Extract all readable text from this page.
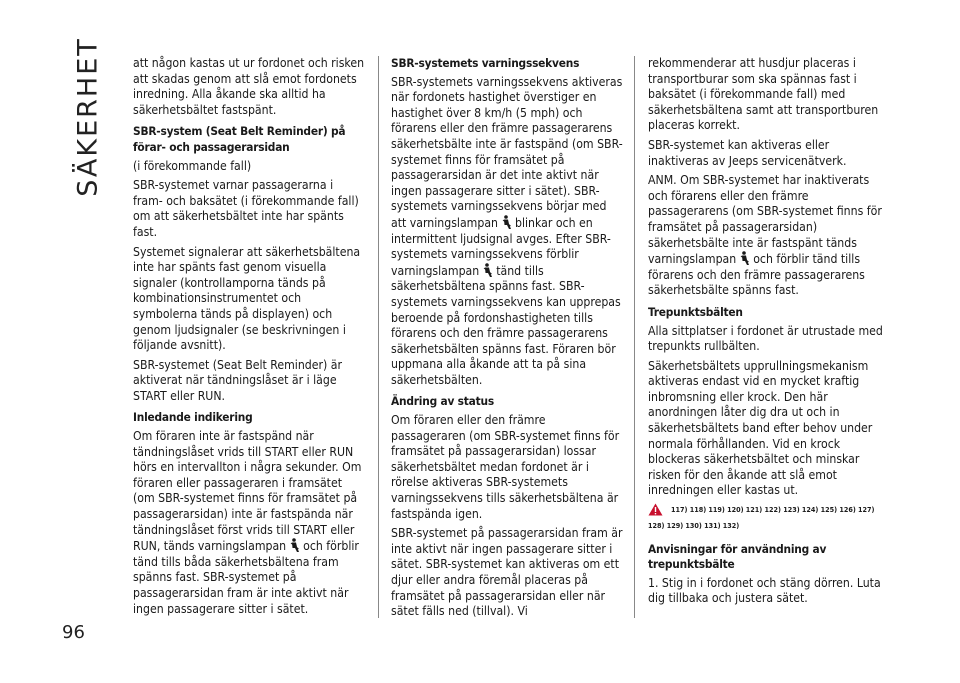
SÄKERHET
96

att någon kastas ut ur fordonet och risken att skadas genom att slå emot fordonets inredning. Alla åkande ska alltid ha säkerhetsbältet fastspänt.

SBR-system (Seat Belt Reminder) på förar- och passagerarsidan

(i förekommande fall)

SBR-systemet varnar passagerarna i fram- och baksätet (i förekommande fall) om att säkerhetsbältet inte har spänts fast.

Systemet signalerar att säkerhetsbältena inte har spänts fast genom visuella signaler (kontrollamporna tänds på kombinationsinstrumentet och symbolerna tänds på displayen) och genom ljudsignaler (se beskrivningen i följande avsnitt).

SBR-systemet (Seat Belt Reminder) är aktiverat när tändningslåset är i läge START eller RUN.

Inledande indikering

Om föraren inte är fastspänd när tändningslåset vrids till START eller RUN hörs en intervallton i några sekunder. Om föraren eller passageraren i framsätet (om SBR-systemet finns för framsätet på passagerarsidan) inte är fastspända när tändningslåset först vrids till START eller RUN, tänds varningslampan och förblir tänd tills båda säkerhetsbältena fram spänns fast. SBR-systemet på passagerarsidan fram är inte aktivt när ingen passagerare sitter i sätet.

SBR-systemets varningssekvens

SBR-systemets varningssekvens aktiveras när fordonets hastighet överstiger en hastighet över 8 km/h (5 mph) och förarens eller den främre passagerarens säkerhetsbälte inte är fastspänd (om SBR-systemet finns för framsätet på passagerarsidan är det inte aktivt när ingen passagerare sitter i sätet). SBR-systemets varningssekvens börjar med att varningslampan blinkar och en intermittent ljudsignal avges. Efter SBR-systemets varningssekvens förblir varningslampan tänd tills säkerhetsbältena spänns fast. SBR-systemets varningssekvens kan upprepas beroende på fordonshastigheten tills förarens och den främre passagerarens säkerhetsbälten spänns fast. Föraren bör uppmana alla åkande att ta på sina säkerhetsbälten.

Ändring av status

Om föraren eller den främre passageraren (om SBR-systemet finns för framsätet på passagerarsidan) lossar säkerhetsbältet medan fordonet är i rörelse aktiveras SBR-systemets varningssekvens tills säkerhetsbältena är fastspända igen.

SBR-systemet på passagerarsidan fram är inte aktivt när ingen passagerare sitter i sätet. SBR-systemet kan aktiveras om ett djur eller andra föremål placeras på framsätet på passagerarsidan eller när sätet fälls ned (tillval). Vi

rekommenderar att husdjur placeras i transportburar som ska spännas fast i baksätet (i förekommande fall) med säkerhetsbältena samt att transportburen placeras korrekt.

SBR-systemet kan aktiveras eller inaktiveras av Jeeps servicenätverk.

ANM. Om SBR-systemet har inaktiverats och förarens eller den främre passagerarens (om SBR-systemet finns för framsätet på passagerarsidan) säkerhetsbälte inte är fastspänt tänds varningslampan och förblir tänd tills förarens och den främre passagerarens säkerhetsbälte spänns fast.

Trepunktsbälten

Alla sittplatser i fordonet är utrustade med trepunkts rullbälten.

Säkerhetsbältets upprullningsmekanism aktiveras endast vid en mycket kraftig inbromsning eller krock. Den här anordningen låter dig dra ut och in säkerhetsbältets band efter behov under normala förhållanden. Vid en krock blockeras säkerhetsbältet och minskar risken för den åkande att slå emot inredningen eller kastas ut.

117) 118) 119) 120) 121) 122) 123) 124) 125) 126) 127)
128) 129) 130) 131) 132)

Anvisningar för användning av trepunktsbälte

1. Stig in i fordonet och stäng dörren. Luta dig tillbaka och justera sätet.
